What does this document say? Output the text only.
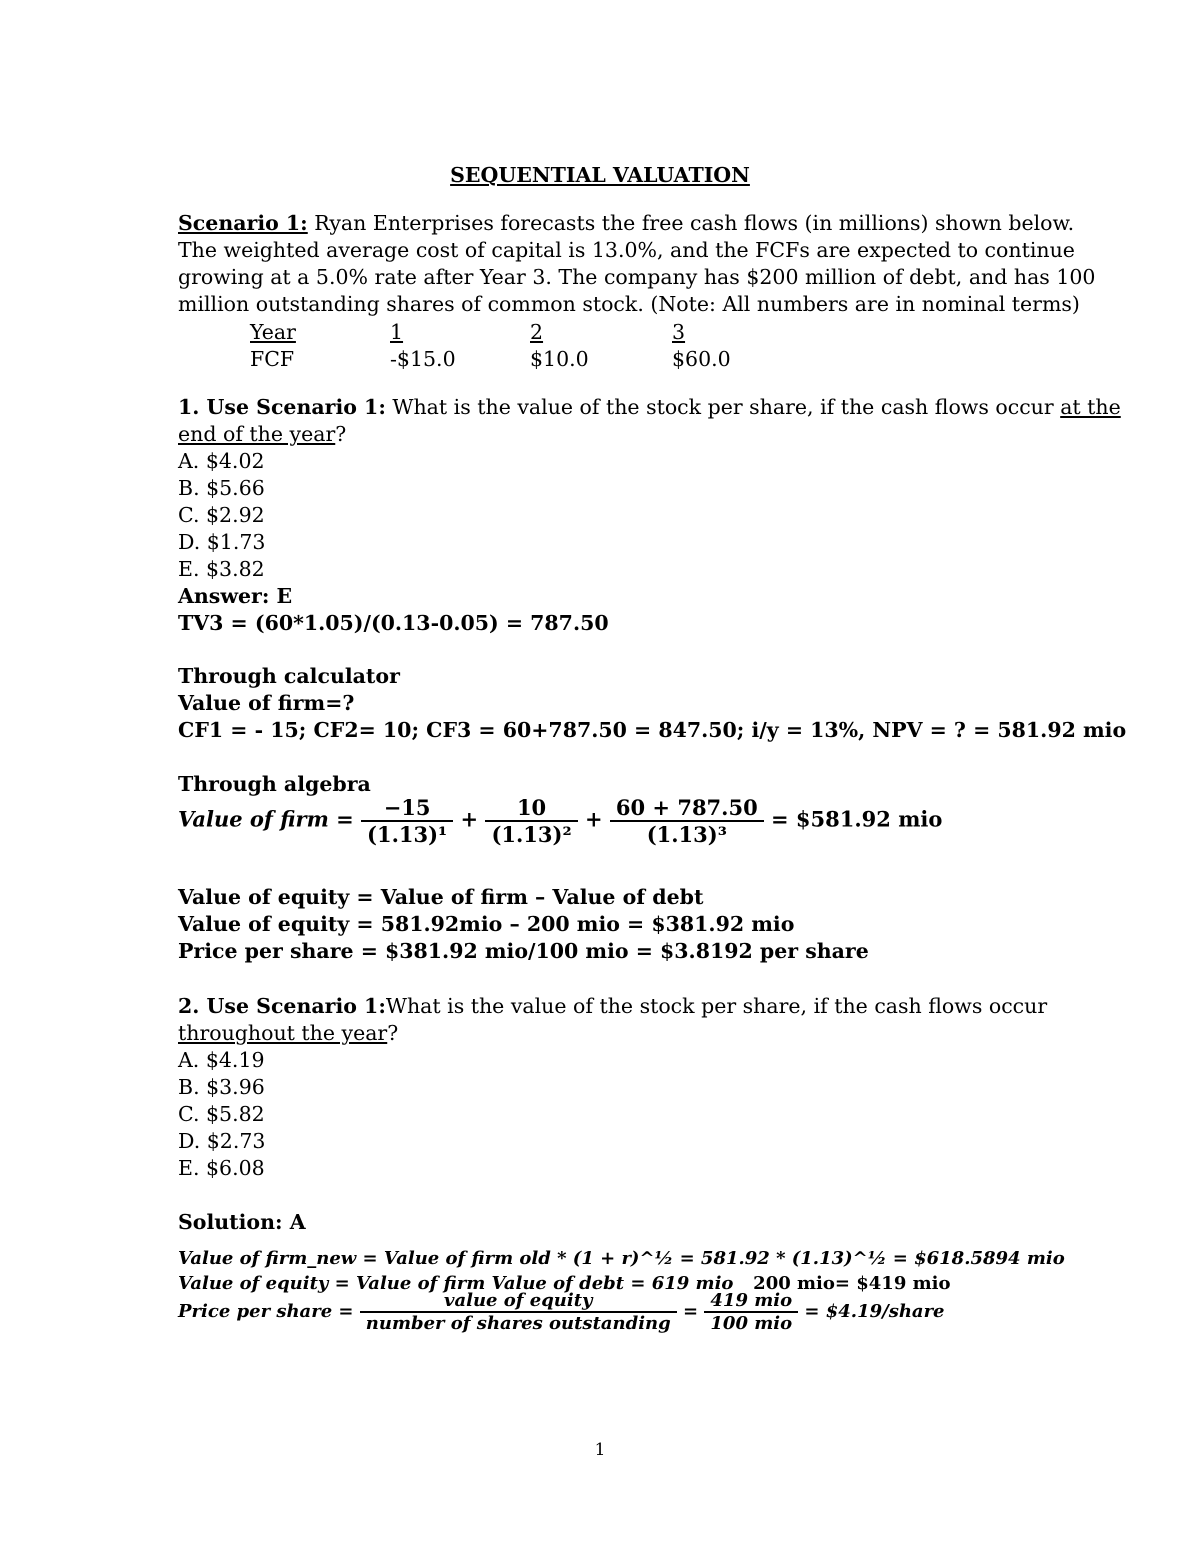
SEQUENTIAL VALUATION
Scenario 1: Ryan Enterprises forecasts the free cash flows (in millions) shown below.
The weighted average cost of capital is 13.0%, and the FCFs are expected to continue
growing at a 5.0% rate after Year 3. The company has $200 million of debt, and has 100
million outstanding shares of common stock. (Note: All numbers are in nominal terms)
Year	1	2	3
FCF	-$15.0	$10.0	$60.0
1. Use Scenario 1: What is the value of the stock per share, if the cash flows occur at the
end of the year?
A. $4.02
B. $5.66
C. $2.92
D. $1.73
E. $3.82
Answer: E
TV3 = (60*1.05)/(0.13-0.05) = 787.50
Through calculator
Value of firm=?
CF1 = - 15; CF2= 10; CF3 = 60+787.50 = 847.50; i/y = 13%, NPV = ? = 581.92 mio
Through algebra
Value of firm = $\frac{-15}{\text{(1.13)¹}} + \frac{10}{\text{(1.13)²}} + \frac{60 + 787.50}{\text{(1.13)³}}$ = $581.92 mio
Value of equity = Value of firm – Value of debt
Value of equity = 581.92mio – 200 mio = $381.92 mio
Price per share = $381.92 mio/100 mio = $3.8192 per share
2. Use Scenario 1:What is the value of the stock per share, if the cash flows occur
throughout the year?
A. $4.19
B. $3.96
C. $5.82
D. $2.73
E. $6.08
Solution: A
Value of firm_new = Value of firm old * (1 + r)^½ = 581.92 * (1.13)^½ = $618.5894 mio
Value of equity = Value of firm Value of debt = 619 mio 200 mio= $419 mio
Price per share = $\frac{\text{value of equity}}{\text{number of shares outstanding}} = \frac{\text{419 mio}}{\text{100 mio}}$ = $4.19/share
1
